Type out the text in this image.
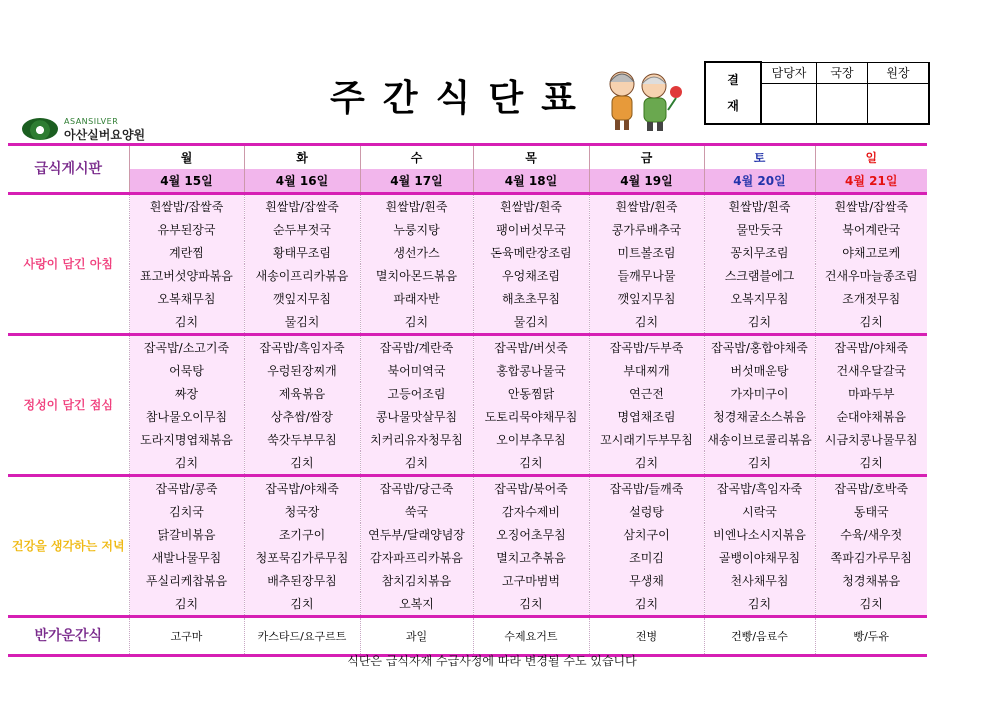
ASANSILVER
아산실버요양원
주간식단표	결
재	담당자	국장	원장

급식게시판	월	화	수	목	금	토	일
	4월 15일	4월 16일	4월 17일	4월 18일	4월 19일	4월 20일	4월 21일
사랑이 담긴 아침	흰쌀밥/잡쌀죽	흰쌀밥/잡쌀죽	흰쌀밥/흰죽	흰쌀밥/흰죽	흰쌀밥/흰죽	흰쌀밥/흰죽	흰쌀밥/잡쌀죽
	유부된장국	순두부젓국	누룽지탕	팽이버섯무국	콩가루배추국	물만둣국	북어계란국
	계란찜	황태무조림	생선가스	돈육메란장조림	미트볼조림	꽁치무조림	야채고로케
	표고버섯양파볶음	새송이프리카볶음	멸치아몬드볶음	우엉채조림	들깨무나물	스크램블에그	건새우마늘종조림
	오복채무침	깻잎지무침	파래자반	해초초무침	깻잎지무침	오복지무침	조개젓무침
	김치	물김치	김치	물김치	김치	김치	김치
정성이 담긴 점심	잡곡밥/소고기죽	잡곡밥/흑임자죽	잡곡밥/계란죽	잡곡밥/버섯죽	잡곡밥/두부죽	잡곡밥/홍합야채죽	잡곡밥/야채죽
	어묵탕	우렁된장찌개	북어미역국	홍합콩나물국	부대찌개	버섯매운탕	건새우달갈국
	짜장	제육볶음	고등어조림	안동찜닭	연근전	가자미구이	마파두부
	참나물오이무침	상추쌈/쌈장	콩나물맛살무침	도토리묵야채무침	명엽채조림	청경채굴소스볶음	순대야채볶음
	도라지명엽채볶음	쑥갓두부무침	치커리유자청무침	오이부추무침	꼬시래기두부무침	새송이브로콜리볶음	시금치콩나물무침
	김치	김치	김치	김치	김치	김치	김치
건강을 생각하는 저녁	잡곡밥/콩죽	잡곡밥/야채죽	잡곡밥/당근죽	잡곡밥/북어죽	잡곡밥/들깨죽	잡곡밥/흑임자죽	잡곡밥/호박죽
	김치국	청국장	쑥국	감자수제비	설렁탕	시락국	동태국
	닭갈비볶음	조기구이	연두부/달래양념장	오징어초무침	삼치구이	비엔나소시지볶음	수육/새우젓
	새발나물무침	청포묵김가루무침	감자파프리카볶음	멸치고추볶음	조미김	골뱅이야채무침	쪽파김가루무침
	푸실리케찹볶음	배추된장무침	참치김치볶음	고구마범벅	무생채	천사채무침	청경채볶음
	김치	김치	오복지	김치	김치	김치	김치
반가운간식	고구마	카스타드/요구르트	과일	수제요거트	전병	건빵/음료수	빵/두유
식단은 급식자재 수급사정에 따라 변경될 수도 있습니다
